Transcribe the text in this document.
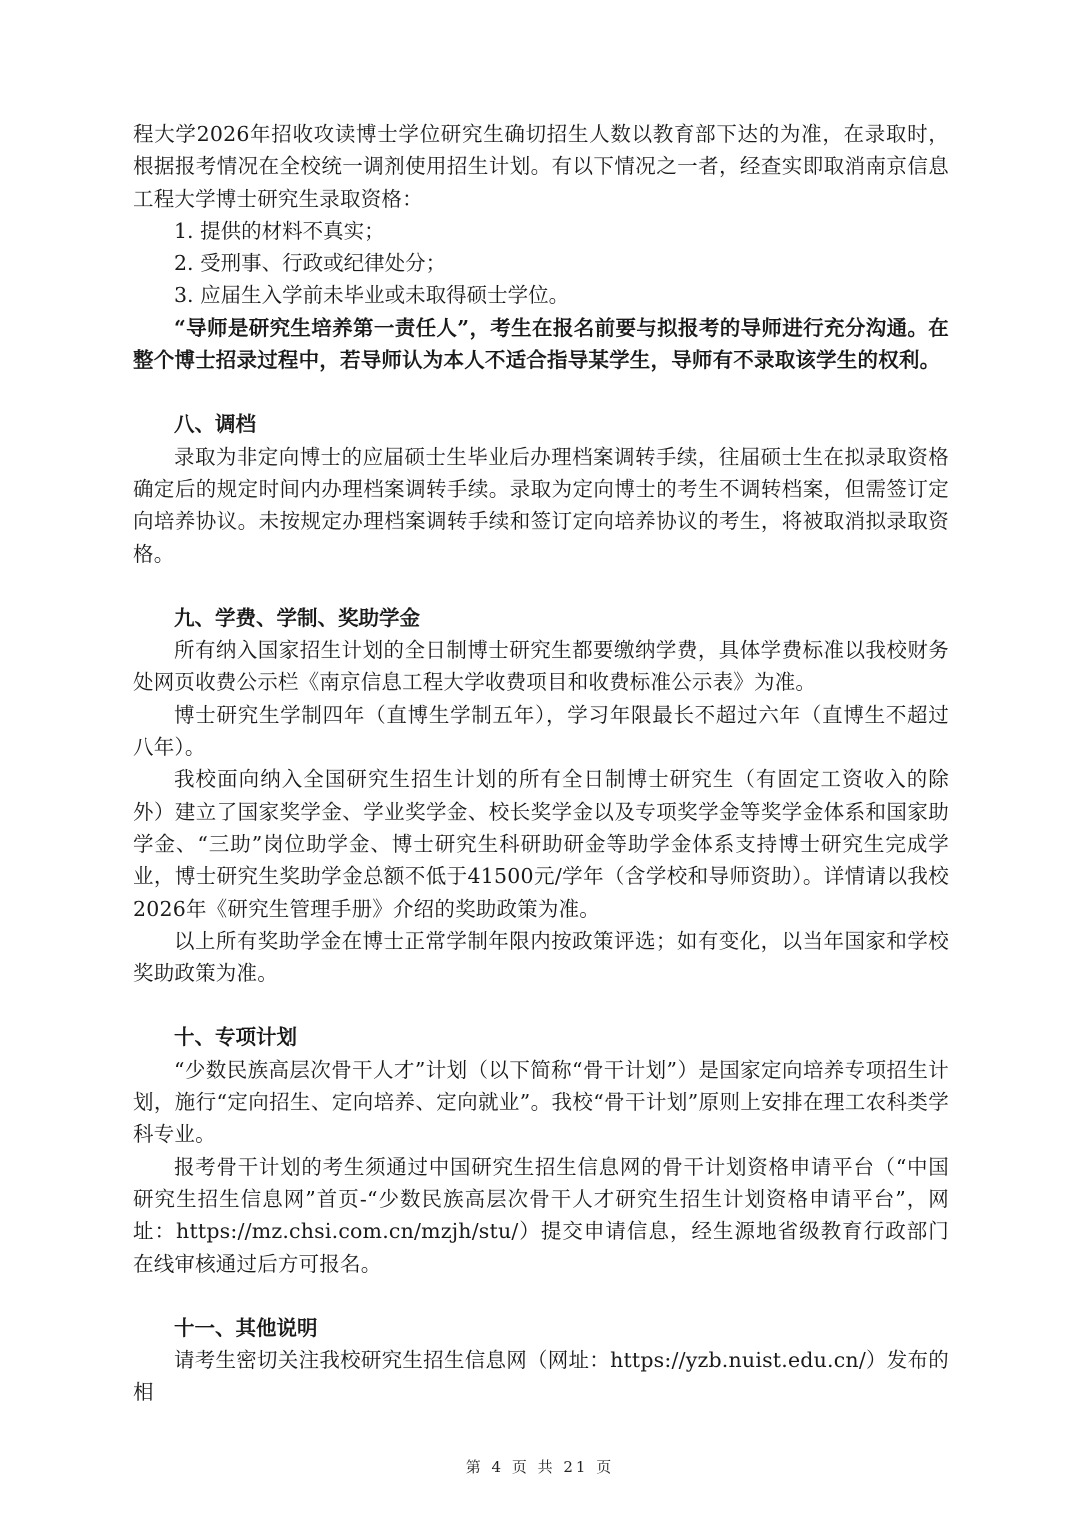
程大学2026年招收攻读博士学位研究生确切招生人数以教育部下达的为准，在录取时，根据报考情况在全校统一调剂使用招生计划。有以下情况之一者，经查实即取消南京信息工程大学博士研究生录取资格：

1. 提供的材料不真实；

2. 受刑事、行政或纪律处分；

3. 应届生入学前未毕业或未取得硕士学位。

“导师是研究生培养第一责任人”，考生在报名前要与拟报考的导师进行充分沟通。在整个博士招录过程中，若导师认为本人不适合指导某学生，导师有不录取该学生的权利。

八、调档

录取为非定向博士的应届硕士生毕业后办理档案调转手续，往届硕士生在拟录取资格确定后的规定时间内办理档案调转手续。录取为定向博士的考生不调转档案，但需签订定向培养协议。未按规定办理档案调转手续和签订定向培养协议的考生，将被取消拟录取资格。

九、学费、学制、奖助学金

所有纳入国家招生计划的全日制博士研究生都要缴纳学费，具体学费标准以我校财务处网页收费公示栏《南京信息工程大学收费项目和收费标准公示表》为准。

博士研究生学制四年（直博生学制五年），学习年限最长不超过六年（直博生不超过八年）。

我校面向纳入全国研究生招生计划的所有全日制博士研究生（有固定工资收入的除外）建立了国家奖学金、学业奖学金、校长奖学金以及专项奖学金等奖学金体系和国家助学金、“三助”岗位助学金、博士研究生科研助研金等助学金体系支持博士研究生完成学业，博士研究生奖助学金总额不低于41500元/学年（含学校和导师资助）。详情请以我校2026年《研究生管理手册》介绍的奖助政策为准。

以上所有奖助学金在博士正常学制年限内按政策评选；如有变化，以当年国家和学校奖助政策为准。

十、专项计划

“少数民族高层次骨干人才”计划（以下简称“骨干计划”）是国家定向培养专项招生计划，施行“定向招生、定向培养、定向就业”。我校“骨干计划”原则上安排在理工农科类学科专业。

报考骨干计划的考生须通过中国研究生招生信息网的骨干计划资格申请平台（“中国研究生招生信息网”首页-“少数民族高层次骨干人才研究生招生计划资格申请平台”，网址：https://mz.chsi.com.cn/mzjh/stu/）提交申请信息，经生源地省级教育行政部门在线审核通过后方可报名。

十一、其他说明

请考生密切关注我校研究生招生信息网（网址：https://yzb.nuist.edu.cn/）发布的相

第 4 页 共 21 页
